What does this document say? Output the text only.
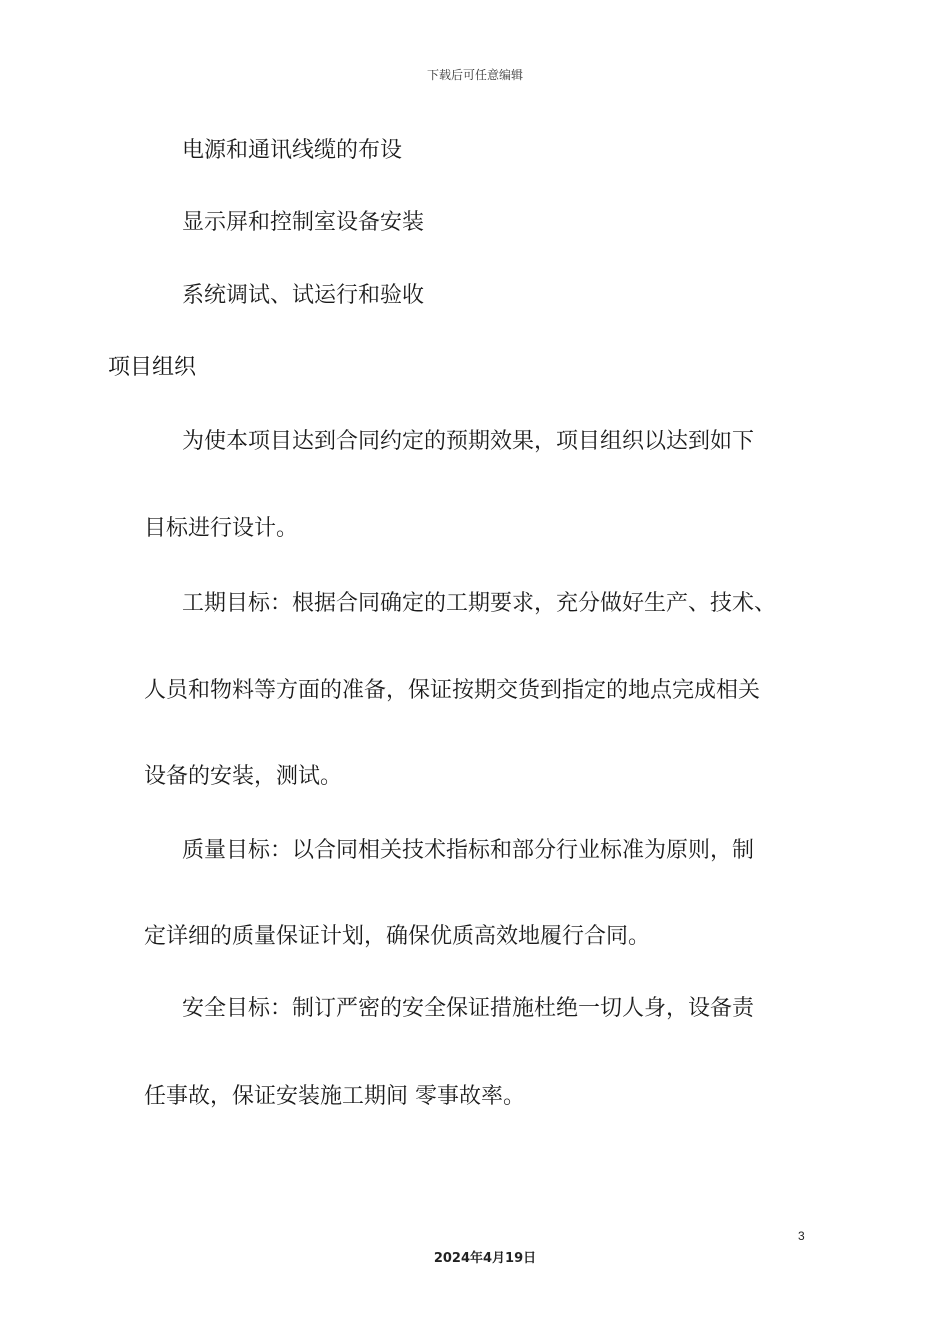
下载后可任意编辑
电源和通讯线缆的布设
显示屏和控制室设备安装
系统调试、试运行和验收
项目组织
为使本项目达到合同约定的预期效果，项目组织以达到如下
目标进行设计。
工期目标：根据合同确定的工期要求，充分做好生产、技术、
人员和物料等方面的准备，保证按期交货到指定的地点完成相关
设备的安装，测试。
质量目标：以合同相关技术指标和部分行业标准为原则，制
定详细的质量保证计划，确保优质高效地履行合同。
安全目标：制订严密的安全保证措施杜绝一切人身，设备责
任事故，保证安装施工期间 零事故率。
3
2024年4月19日
